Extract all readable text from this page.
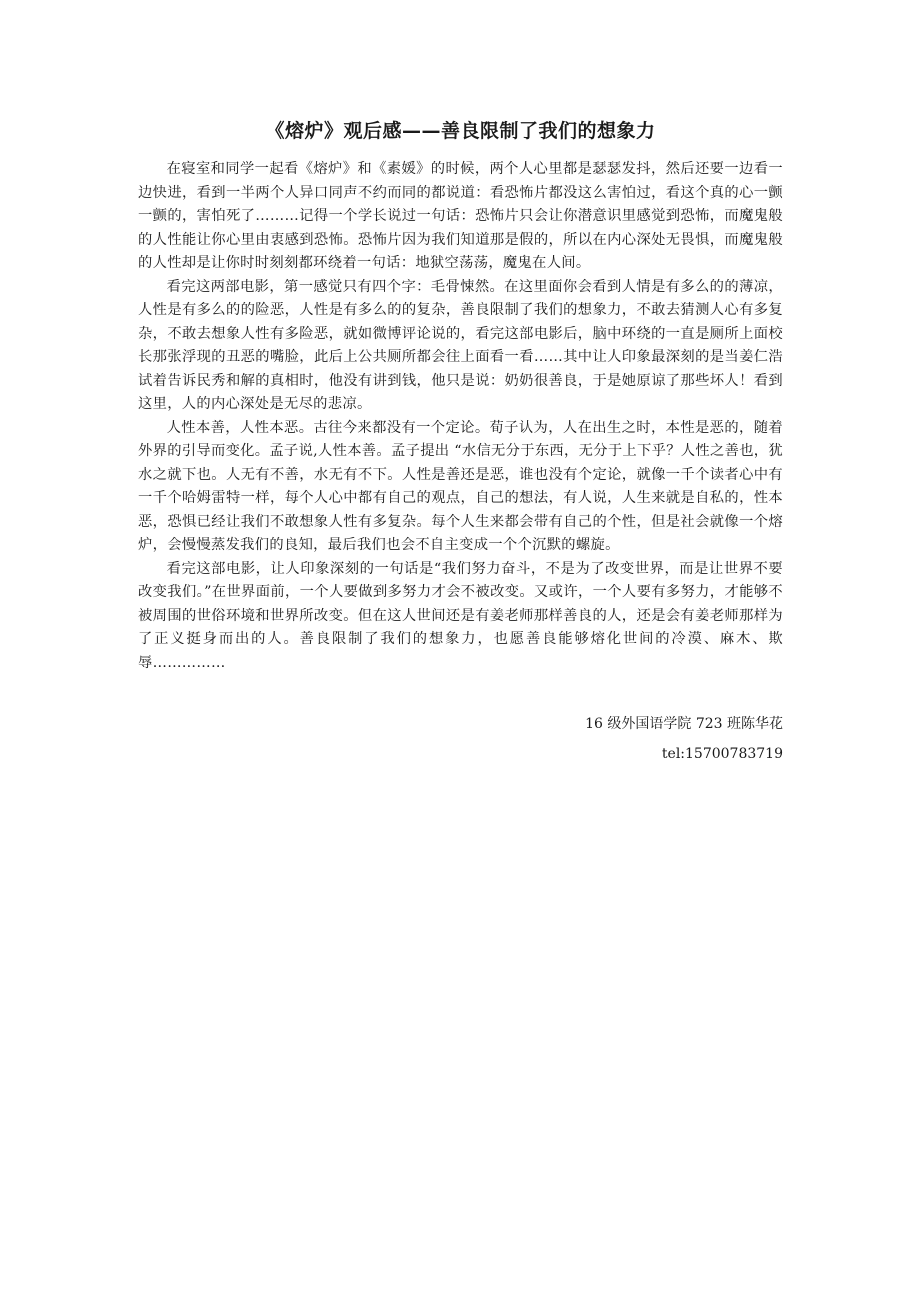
《熔炉》观后感——善良限制了我们的想象力

在寝室和同学一起看《熔炉》和《素媛》的时候，两个人心里都是瑟瑟发抖，然后还要一边看一边快进，看到一半两个人异口同声不约而同的都说道：看恐怖片都没这么害怕过，看这个真的心一颤一颤的，害怕死了………记得一个学长说过一句话：恐怖片只会让你潜意识里感觉到恐怖，而魔鬼般的人性能让你心里由衷感到恐怖。恐怖片因为我们知道那是假的，所以在内心深处无畏惧，而魔鬼般的人性却是让你时时刻刻都环绕着一句话：地狱空荡荡，魔鬼在人间。

看完这两部电影，第一感觉只有四个字：毛骨悚然。在这里面你会看到人情是有多么的的薄凉，人性是有多么的的险恶，人性是有多么的的复杂，善良限制了我们的想象力，不敢去猜测人心有多复杂，不敢去想象人性有多险恶，就如微博评论说的，看完这部电影后，脑中环绕的一直是厕所上面校长那张浮现的丑恶的嘴脸，此后上公共厕所都会往上面看一看……其中让人印象最深刻的是当姜仁浩试着告诉民秀和解的真相时，他没有讲到钱，他只是说：奶奶很善良，于是她原谅了那些坏人！看到这里，人的内心深处是无尽的悲凉。

人性本善，人性本恶。古往今来都没有一个定论。荀子认为，人在出生之时，本性是恶的，随着外界的引导而变化。孟子说,人性本善。孟子提出 “水信无分于东西，无分于上下乎？人性之善也，犹水之就下也。人无有不善，水无有不下。人性是善还是恶，谁也没有个定论，就像一千个读者心中有一千个哈姆雷特一样，每个人心中都有自己的观点，自己的想法，有人说，人生来就是自私的，性本恶，恐惧已经让我们不敢想象人性有多复杂。每个人生来都会带有自己的个性，但是社会就像一个熔炉，会慢慢蒸发我们的良知，最后我们也会不自主变成一个个沉默的螺旋。

看完这部电影，让人印象深刻的一句话是“我们努力奋斗，不是为了改变世界，而是让世界不要改变我们。”在世界面前，一个人要做到多努力才会不被改变。又或许，一个人要有多努力，才能够不被周围的世俗环境和世界所改变。但在这人世间还是有姜老师那样善良的人，还是会有姜老师那样为了正义挺身而出的人。善良限制了我们的想象力，也愿善良能够熔化世间的冷漠、麻木、欺辱……………

16 级外国语学院 723 班陈华花
tel:15700783719
